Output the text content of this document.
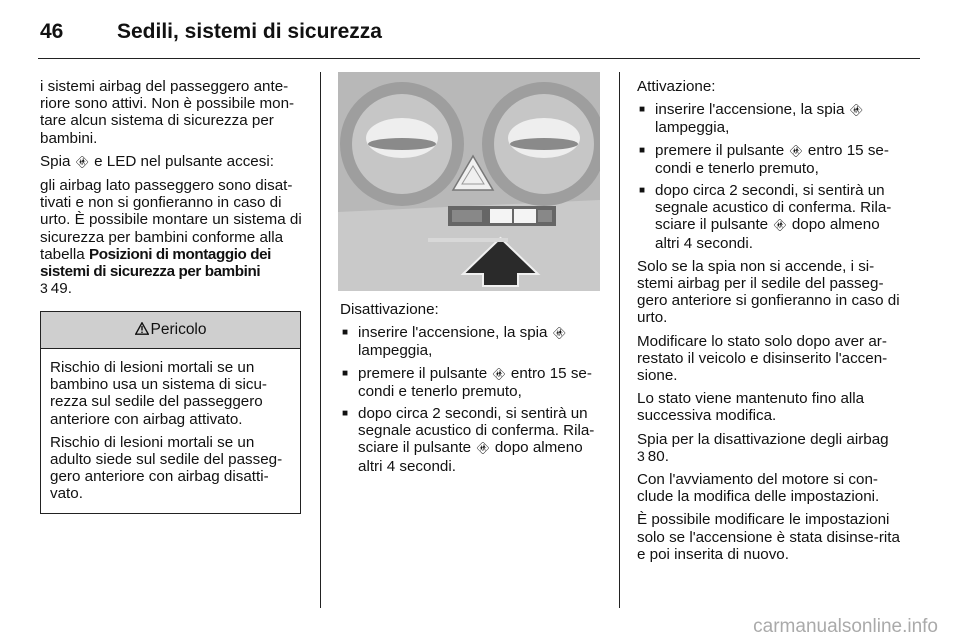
46	Sedili, sistemi di sicurezza

i sistemi airbag del passeggero ante-riore sono attivi. Non è possibile mon-tare alcun sistema di sicurezza per bambini.

Spia 🚸︎ e LED nel pulsante accesi:

gli airbag lato passeggero sono disat-tivati e non si gonfieranno in caso di urto. È possibile montare un sistema di sicurezza per bambini conforme alla tabella Posizioni di montaggio dei sistemi di sicurezza per bambini
3 49.

Pericolo

Rischio di lesioni mortali se un bambino usa un sistema di sicu-rezza sul sedile del passeggero anteriore con airbag attivato.

Rischio di lesioni mortali se un adulto siede sul sedile del passeg-gero anteriore con airbag disatti-vato.

Disattivazione:

■ inserire l'accensione, la spia 🚸︎
lampeggia,
■ premere il pulsante 🚸︎ entro 15 se-condi e tenerlo premuto,
■ dopo circa 2 secondi, si sentirà un segnale acustico di conferma. Rila-sciare il pulsante 🚸︎ dopo almeno altri 4 secondi.

Attivazione:

■ inserire l'accensione, la spia 🚸︎
lampeggia,
■ premere il pulsante 🚸︎ entro 15 se-condi e tenerlo premuto,
■ dopo circa 2 secondi, si sentirà un segnale acustico di conferma. Rila-sciare il pulsante 🚸︎ dopo almeno altri 4 secondi.

Solo se la spia non si accende, i si-stemi airbag per il sedile del passeg-gero anteriore si gonfieranno in caso di urto.

Modificare lo stato solo dopo aver ar-restato il veicolo e disinserito l'accen-sione.

Lo stato viene mantenuto fino alla successiva modifica.

Spia per la disattivazione degli airbag
3 80.

Con l'avviamento del motore si con-clude la modifica delle impostazioni.

È possibile modificare le impostazioni solo se l'accensione è stata disinse-rita e poi inserita di nuovo.

carmanualsonline.info
